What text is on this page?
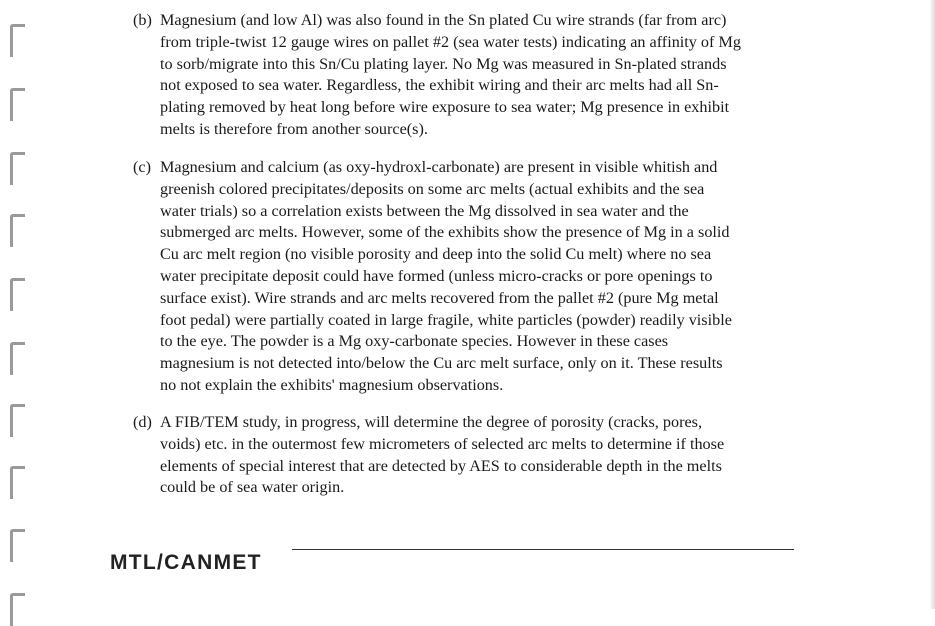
(b) Magnesium (and low Al) was also found in the Sn plated Cu wire strands (far from arc)
from triple-twist 12 gauge wires on pallet #2 (sea water tests) indicating an affinity of Mg
to sorb/migrate into this Sn/Cu plating layer. No Mg was measured in Sn-plated strands
not exposed to sea water. Regardless, the exhibit wiring and their arc melts had all Sn-
plating removed by heat long before wire exposure to sea water; Mg presence in exhibit
melts is therefore from another source(s).
(c) Magnesium and calcium (as oxy-hydroxl-carbonate) are present in visible whitish and
greenish colored precipitates/deposits on some arc melts (actual exhibits and the sea
water trials) so a correlation exists between the Mg dissolved in sea water and the
submerged arc melts. However, some of the exhibits show the presence of Mg in a solid
Cu arc melt region (no visible porosity and deep into the solid Cu melt) where no sea
water precipitate deposit could have formed (unless micro-cracks or pore openings to
surface exist). Wire strands and arc melts recovered from the pallet #2 (pure Mg metal
foot pedal) were partially coated in large fragile, white particles (powder) readily visible
to the eye. The powder is a Mg oxy-carbonate species. However in these cases
magnesium is not detected into/below the Cu arc melt surface, only on it. These results
no not explain the exhibits' magnesium observations.
(d) A FIB/TEM study, in progress, will determine the degree of porosity (cracks, pores,
voids) etc. in the outermost few micrometers of selected arc melts to determine if those
elements of special interest that are detected by AES to considerable depth in the melts
could be of sea water origin.
MTL/CANMET
